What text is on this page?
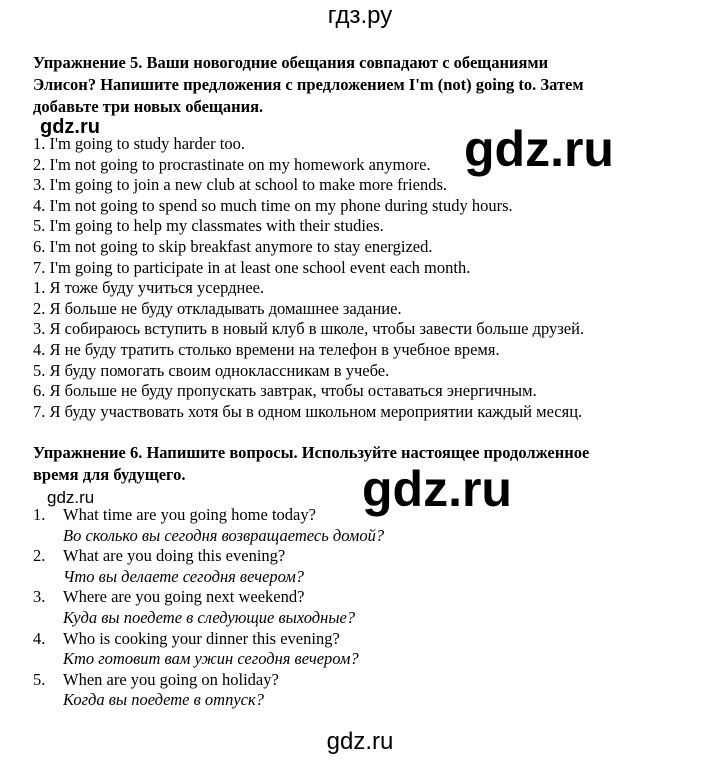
гдз.ру
Упражнение 5. Ваши новогодние обещания совпадают с обещаниями
Элисон? Напишите предложения с предложением I'm (not) going to. Затем
добавьте три новых обещания.
gdz.ru	gdz.ru
1. I'm going to study harder too.
2. I'm not going to procrastinate on my homework anymore.
3. I'm going to join a new club at school to make more friends.
4. I'm not going to spend so much time on my phone during study hours.
5. I'm going to help my classmates with their studies.
6. I'm not going to skip breakfast anymore to stay energized.
7. I'm going to participate in at least one school event each month.
1. Я тоже буду учиться усерднее.
2. Я больше не буду откладывать домашнее задание.
3. Я собираюсь вступить в новый клуб в школе, чтобы завести больше друзей.
4. Я не буду тратить столько времени на телефон в учебное время.
5. Я буду помогать своим одноклассникам в учебе.
6. Я больше не буду пропускать завтрак, чтобы оставаться энергичным.
7. Я буду участвовать хотя бы в одном школьном мероприятии каждый месяц.
Упражнение 6. Напишите вопросы. Используйте настоящее продолженное
время для будущего.
gdz.ru	gdz.ru
1. What time are you going home today?
Во сколько вы сегодня возвращаетесь домой?
2. What are you doing this evening?
Что вы делаете сегодня вечером?
3. Where are you going next weekend?
Куда вы поедете в следующие выходные?
4. Who is cooking your dinner this evening?
Кто готовит вам ужин сегодня вечером?
5. When are you going on holiday?
Когда вы поедете в отпуск?
gdz.ru
